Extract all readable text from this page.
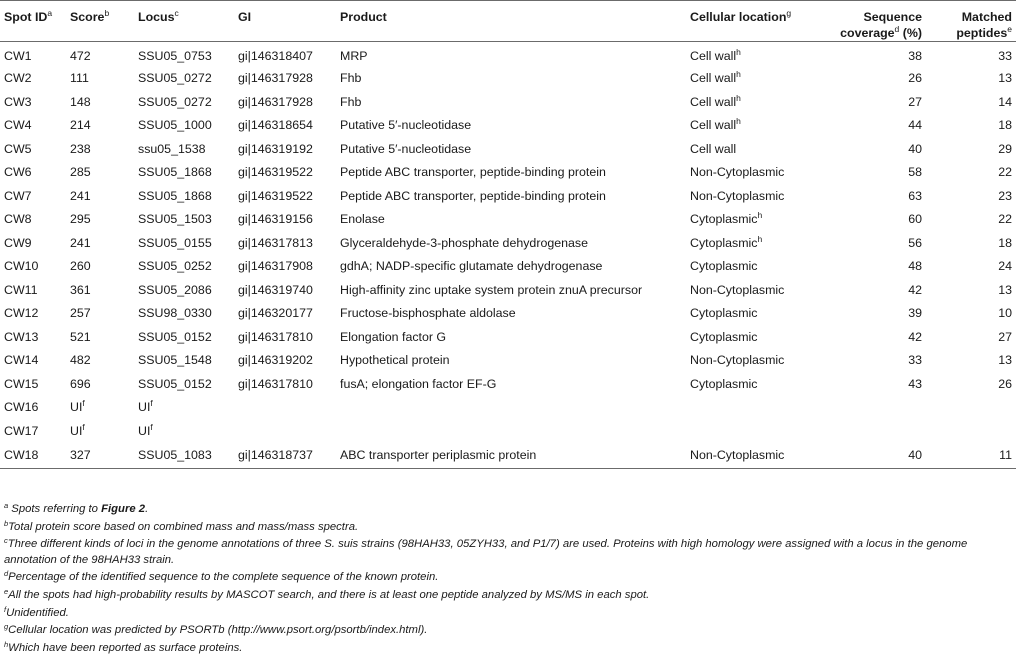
Spot $ID^a$	Score$^b$	Locus$^c$	GI	Product	Cellular location$^g$	Sequence
coverage$^d$ (%)	Matched
peptides$^e$
CW1	472	SSU05_0753	gi|146318407	MRP	Cell wall$^h$	38	33
CW2	111	SSU05_0272	gi|146317928	Fhb	Cell wall$^h$	26	13
CW3	148	SSU05_0272	gi|146317928	Fhb	Cell wall$^h$	27	14
CW4	214	SSU05_1000	gi|146318654	Putative 5′-nucleotidase	Cell wall$^h$	44	18
CW5	238	ssu05_1538	gi|146319192	Putative 5′-nucleotidase	Cell wall	40	29
CW6	285	SSU05_1868	gi|146319522	Peptide ABC transporter, peptide-binding protein	Non-Cytoplasmic	58	22
CW7	241	SSU05_1868	gi|146319522	Peptide ABC transporter, peptide-binding protein	Non-Cytoplasmic	63	23
CW8	295	SSU05_1503	gi|146319156	Enolase	Cytoplasmic$^h$	60	22
CW9	241	SSU05_0155	gi|146317813	Glyceraldehyde-3-phosphate dehydrogenase	Cytoplasmic$^h$	56	18
CW10	260	SSU05_0252	gi|146317908	gdhA; NADP-specific glutamate dehydrogenase	Cytoplasmic	48	24
CW11	361	SSU05_2086	gi|146319740	High-affinity zinc uptake system protein znuA precursor	Non-Cytoplasmic	42	13
CW12	257	SSU98_0330	gi|146320177	Fructose-bisphosphate aldolase	Cytoplasmic	39	10
CW13	521	SSU05_0152	gi|146317810	Elongation factor G	Cytoplasmic	42	27
CW14	482	SSU05_1548	gi|146319202	Hypothetical protein	Non-Cytoplasmic	33	13
CW15	696	SSU05_0152	gi|146317810	fusA; elongation factor EF-G	Cytoplasmic	43	26
CW16	$UI^f$	$UI^f$					
CW17	$UI^f$	$UI^f$					
CW18	327	SSU05_1083	gi|146318737	ABC transporter periplasmic protein	Non-Cytoplasmic	40	11

$^a$ Spots referring to Figure 2.

$^b$Total protein score based on combined mass and mass/mass spectra.

$^c$Three different kinds of loci in the genome annotations of three S. suis strains (98HAH33, 05ZYH33, and P1/7) are used. Proteins with high homology were assigned with a locus in the genome annotation of the 98HAH33 strain.

$^d$Percentage of the identified sequence to the complete sequence of the known protein.

$^e$All the spots had high-probability results by MASCOT search, and there is at least one peptide analyzed by MS/MS in each spot.

$^f$Unidentified.

$^g$Cellular location was predicted by PSORTb (http://www.psort.org/psortb/index.html).

$^h$Which have been reported as surface proteins.
